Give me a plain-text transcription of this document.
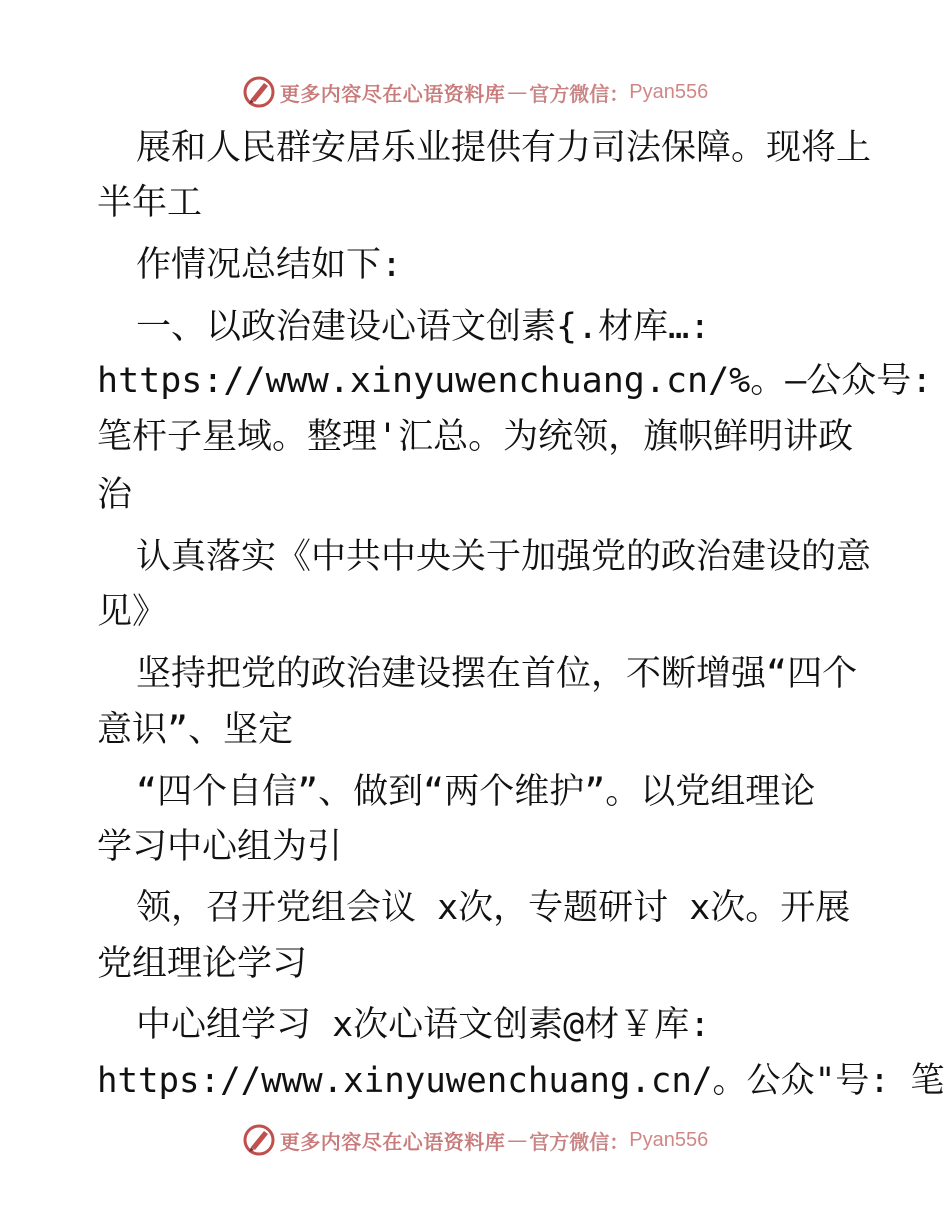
更多内容尽在心语资料库 — 官方微信： Pyan556
展和人民群安居乐业提供有力司法保障。现将上
半年工
作情况总结如下:
一、以政治建设心语文创素{.材库…:
https://www.xinyuwenchuang.cn/%。—公众号:
笔杆子星域。整理'汇总。为统领，旗帜鲜明讲政
治
认真落实《中共中央关于加强党的政治建设的意
见》
坚持把党的政治建设摆在首位，不断增强“四个
意识”、坚定
“四个自信”、做到“两个维护”。以党组理论
学习中心组为引
领，召开党组会议 x次，专题研讨 x次。开展
党组理论学习
中心组学习 x次心语文创素@材￥库:
https://www.xinyuwenchuang.cn/。公众"号: 笔
更多内容尽在心语资料库 — 官方微信： Pyan556
